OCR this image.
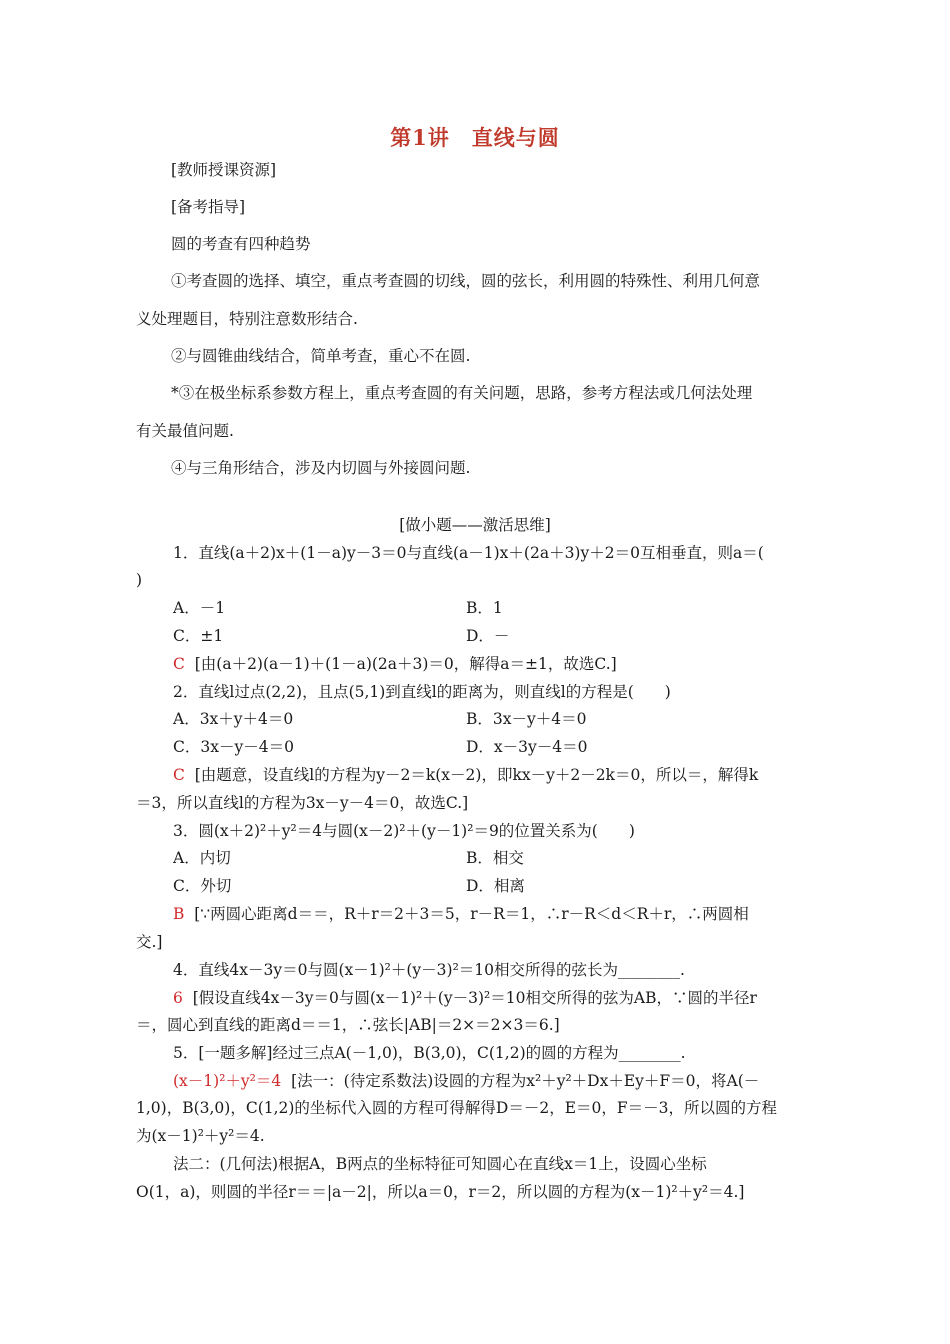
第1讲　直线与圆
[教师授课资源]
[备考指导]
圆的考查有四种趋势
①考查圆的选择、填空，重点考查圆的切线，圆的弦长，利用圆的特殊性、利用几何意
义处理题目，特别注意数形结合.
②与圆锥曲线结合，简单考查，重心不在圆.
*③在极坐标系参数方程上，重点考查圆的有关问题，思路，参考方程法或几何法处理
有关最值问题.
④与三角形结合，涉及内切圆与外接圆问题.
[做小题——激活思维]
1．直线(a＋2)x＋(1－a)y－3＝0与直线(a－1)x＋(2a＋3)y＋2＝0互相垂直，则a＝(
)
A．－1	B．1
C．±1	D．－
C [由(a＋2)(a－1)＋(1－a)(2a＋3)＝0，解得a＝±1，故选C.]
2．直线l过点(2,2)，且点(5,1)到直线l的距离为，则直线l的方程是(　　)
A．3x＋y＋4＝0	B．3x－y＋4＝0
C．3x－y－4＝0	D．x－3y－4＝0
C [由题意，设直线l的方程为y－2＝k(x－2)，即kx－y＋2－2k＝0，所以＝，解得k
＝3，所以直线l的方程为3x－y－4＝0，故选C.]
3．圆(x＋2)²＋y²＝4与圆(x－2)²＋(y－1)²＝9的位置关系为(　　)
A．内切	B．相交
C．外切	D．相离
B [∵两圆心距离d＝＝，R＋r＝2＋3＝5，r－R＝1，∴r－R＜d＜R＋r，∴两圆相
交.]
4．直线4x－3y＝0与圆(x－1)²＋(y－3)²＝10相交所得的弦长为________.
6 [假设直线4x－3y＝0与圆(x－1)²＋(y－3)²＝10相交所得的弦为AB，∵圆的半径r
＝，圆心到直线的距离d＝＝1，∴弦长|AB|＝2×＝2×3＝6.]
5．[一题多解]经过三点A(－1,0)，B(3,0)，C(1,2)的圆的方程为________.
(x－1)²＋y²＝4 [法一：(待定系数法)设圆的方程为x²＋y²＋Dx＋Ey＋F＝0，将A(－
1,0)，B(3,0)，C(1,2)的坐标代入圆的方程可得解得D＝－2，E＝0，F＝－3，所以圆的方程
为(x－1)²＋y²＝4.
法二：(几何法)根据A，B两点的坐标特征可知圆心在直线x＝1上，设圆心坐标
O(1，a)，则圆的半径r＝＝|a－2|，所以a＝0，r＝2，所以圆的方程为(x－1)²＋y²＝4.]
